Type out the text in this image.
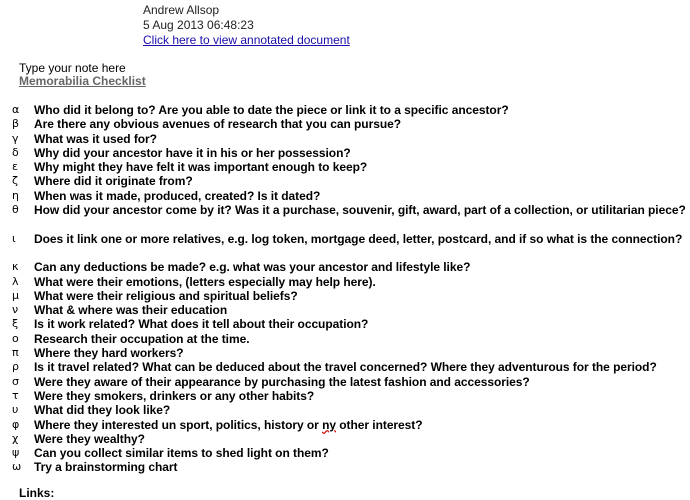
Andrew Allsop
5 Aug 2013 06:48:23
Click here to view annotated document
Type your note here
Memorabilia Checklist
α Who did it belong to? Are you able to date the piece or link it to a specific ancestor?
β Are there any obvious avenues of research that you can pursue?
γ What was it used for?
δ Why did your ancestor have it in his or her possession?
ε Why might they have felt it was important enough to keep?
ζ Where did it originate from?
η When was it made, produced, created? Is it dated?
θ How did your ancestor come by it? Was it a purchase, souvenir, gift, award, part of a collection, or utilitarian piece?
ι Does it link one or more relatives, e.g. log token, mortgage deed, letter, postcard, and if so what is the connection?
κ Can any deductions be made? e.g. what was your ancestor and lifestyle like?
λ What were their emotions, (letters especially may help here).
μ What were their religious and spiritual beliefs?
ν What & where was their education
ξ Is it work related? What does it tell about their occupation?
ο Research their occupation at the time.
π Where they hard workers?
ρ Is it travel related? What can be deduced about the travel concerned? Where they adventurous for the period?
σ Were they aware of their appearance by purchasing the latest fashion and accessories?
τ Were they smokers, drinkers or any other habits?
υ What did they look like?
φ Where they interested un sport, politics, history or ny other interest?
χ Were they wealthy?
ψ Can you collect similar items to shed light on them?
ω Try a brainstorming chart
Links:
